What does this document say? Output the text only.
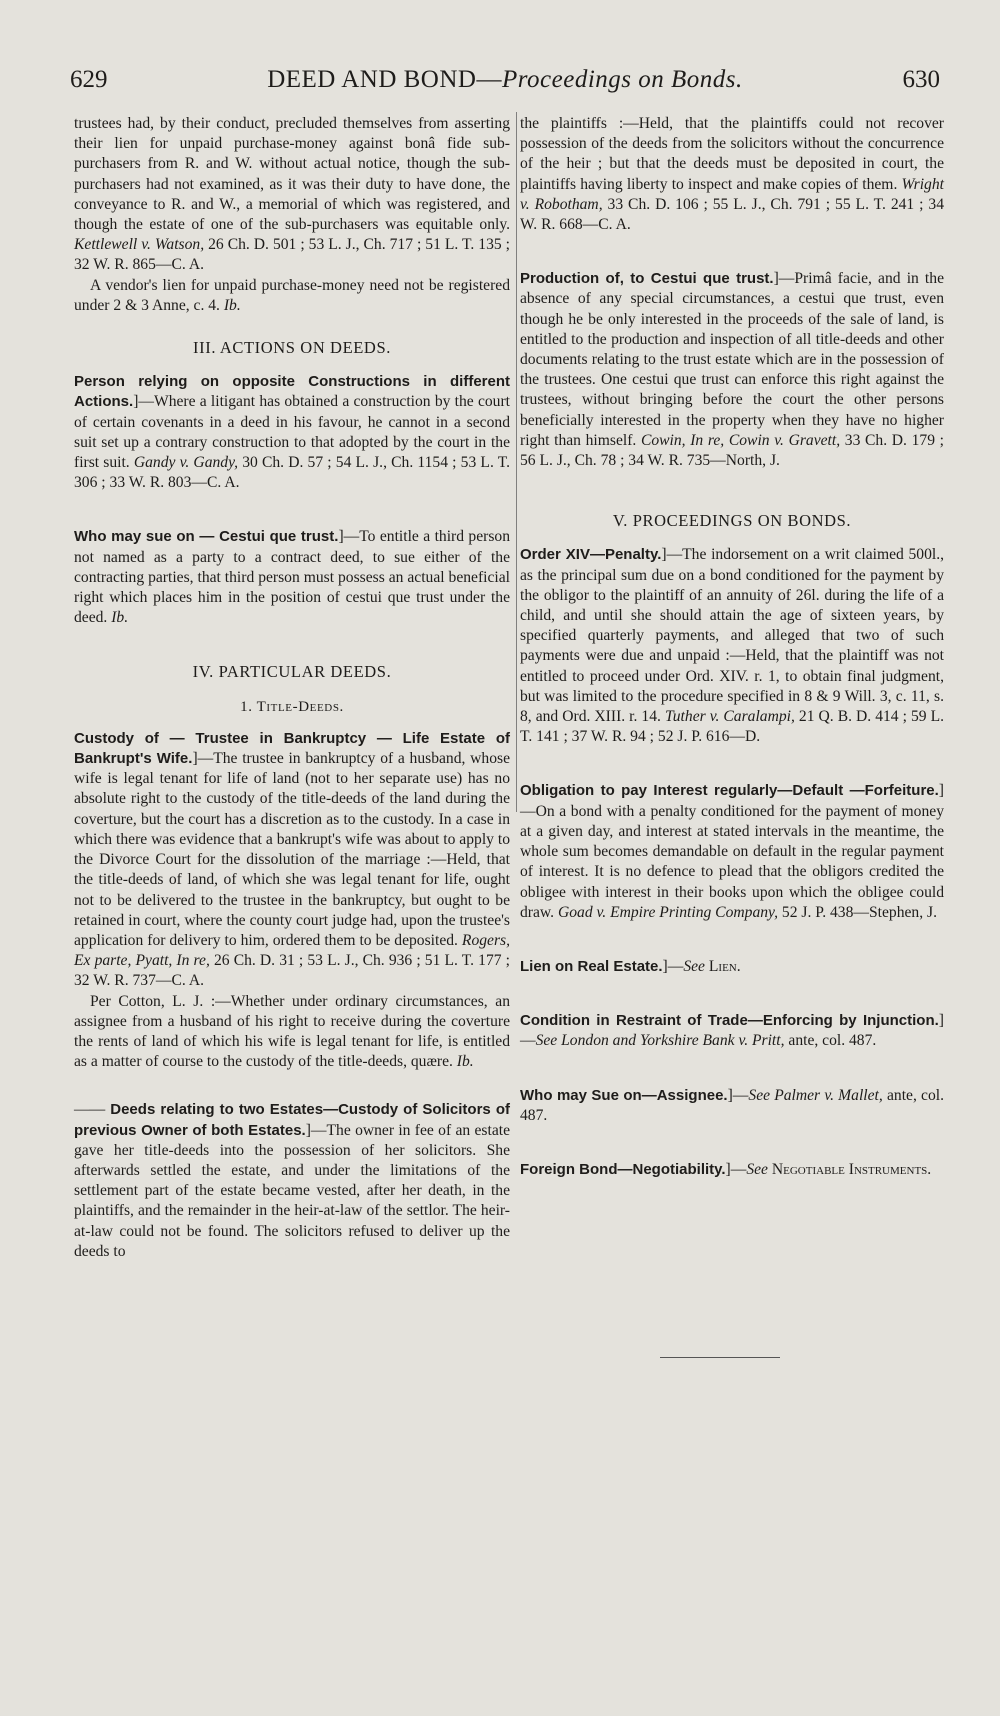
629	DEED AND BOND—Proceedings on Bonds.	630

trustees had, by their conduct, precluded themselves from asserting their lien for unpaid purchase-money against bonâ fide sub-purchasers from R. and W. without actual notice, though the sub-purchasers had not examined, as it was their duty to have done, the conveyance to R. and W., a memorial of which was registered, and though the estate of one of the sub-purchasers was equitable only. Kettlewell v. Watson, 26 Ch. D. 501 ; 53 L. J., Ch. 717 ; 51 L. T. 135 ; 32 W. R. 865—C. A.

A vendor's lien for unpaid purchase-money need not be registered under 2 & 3 Anne, c. 4. Ib.

III. ACTIONS ON DEEDS.

Person relying on opposite Constructions in different Actions.]—Where a litigant has obtained a construction by the court of certain covenants in a deed in his favour, he cannot in a second suit set up a contrary construction to that adopted by the court in the first suit. Gandy v. Gandy, 30 Ch. D. 57 ; 54 L. J., Ch. 1154 ; 53 L. T. 306 ; 33 W. R. 803—C. A.

Who may sue on — Cestui que trust.]—To entitle a third person not named as a party to a contract deed, to sue either of the contracting parties, that third person must possess an actual beneficial right which places him in the position of cestui que trust under the deed. Ib.

IV. PARTICULAR DEEDS.
1. Title-Deeds.

Custody of — Trustee in Bankruptcy — Life Estate of Bankrupt's Wife.]—The trustee in bankruptcy of a husband, whose wife is legal tenant for life of land (not to her separate use) has no absolute right to the custody of the title-deeds of the land during the coverture, but the court has a discretion as to the custody. In a case in which there was evidence that a bankrupt's wife was about to apply to the Divorce Court for the dissolution of the marriage :—Held, that the title-deeds of land, of which she was legal tenant for life, ought not to be delivered to the trustee in the bankruptcy, but ought to be retained in court, where the county court judge had, upon the trustee's application for delivery to him, ordered them to be deposited. Rogers, Ex parte, Pyatt, In re, 26 Ch. D. 31 ; 53 L. J., Ch. 936 ; 51 L. T. 177 ; 32 W. R. 737—C. A.

Per Cotton, L. J. :—Whether under ordinary circumstances, an assignee from a husband of his right to receive during the coverture the rents of land of which his wife is legal tenant for life, is entitled as a matter of course to the custody of the title-deeds, quære. Ib.

—— Deeds relating to two Estates—Custody of Solicitors of previous Owner of both Estates.]—The owner in fee of an estate gave her title-deeds into the possession of her solicitors. She afterwards settled the estate, and under the limitations of the settlement part of the estate became vested, after her death, in the plaintiffs, and the remainder in the heir-at-law of the settlor. The heir-at-law could not be found. The solicitors refused to deliver up the deeds to

the plaintiffs :—Held, that the plaintiffs could not recover possession of the deeds from the solicitors without the concurrence of the heir ; but that the deeds must be deposited in court, the plaintiffs having liberty to inspect and make copies of them. Wright v. Robotham, 33 Ch. D. 106 ; 55 L. J., Ch. 791 ; 55 L. T. 241 ; 34 W. R. 668—C. A.

Production of, to Cestui que trust.]—Primâ facie, and in the absence of any special circumstances, a cestui que trust, even though he be only interested in the proceeds of the sale of land, is entitled to the production and inspection of all title-deeds and other documents relating to the trust estate which are in the possession of the trustees. One cestui que trust can enforce this right against the trustees, without bringing before the court the other persons beneficially interested in the property when they have no higher right than himself. Cowin, In re, Cowin v. Gravett, 33 Ch. D. 179 ; 56 L. J., Ch. 78 ; 34 W. R. 735—North, J.

V. PROCEEDINGS ON BONDS.

Order XIV—Penalty.]—The indorsement on a writ claimed 500l., as the principal sum due on a bond conditioned for the payment by the obligor to the plaintiff of an annuity of 26l. during the life of a child, and until she should attain the age of sixteen years, by specified quarterly payments, and alleged that two of such payments were due and unpaid :—Held, that the plaintiff was not entitled to proceed under Ord. XIV. r. 1, to obtain final judgment, but was limited to the procedure specified in 8 & 9 Will. 3, c. 11, s. 8, and Ord. XIII. r. 14. Tuther v. Caralampi, 21 Q. B. D. 414 ; 59 L. T. 141 ; 37 W. R. 94 ; 52 J. P. 616—D.

Obligation to pay Interest regularly—Default —Forfeiture.]—On a bond with a penalty conditioned for the payment of money at a given day, and interest at stated intervals in the meantime, the whole sum becomes demandable on default in the regular payment of interest. It is no defence to plead that the obligors credited the obligee with interest in their books upon which the obligee could draw. Goad v. Empire Printing Company, 52 J. P. 438—Stephen, J.

Lien on Real Estate.]—See Lien.

Condition in Restraint of Trade—Enforcing by Injunction.]—See London and Yorkshire Bank v. Pritt, ante, col. 487.

Who may Sue on—Assignee.]—See Palmer v. Mallet, ante, col. 487.

Foreign Bond—Negotiability.]—See Negotiable Instruments.
